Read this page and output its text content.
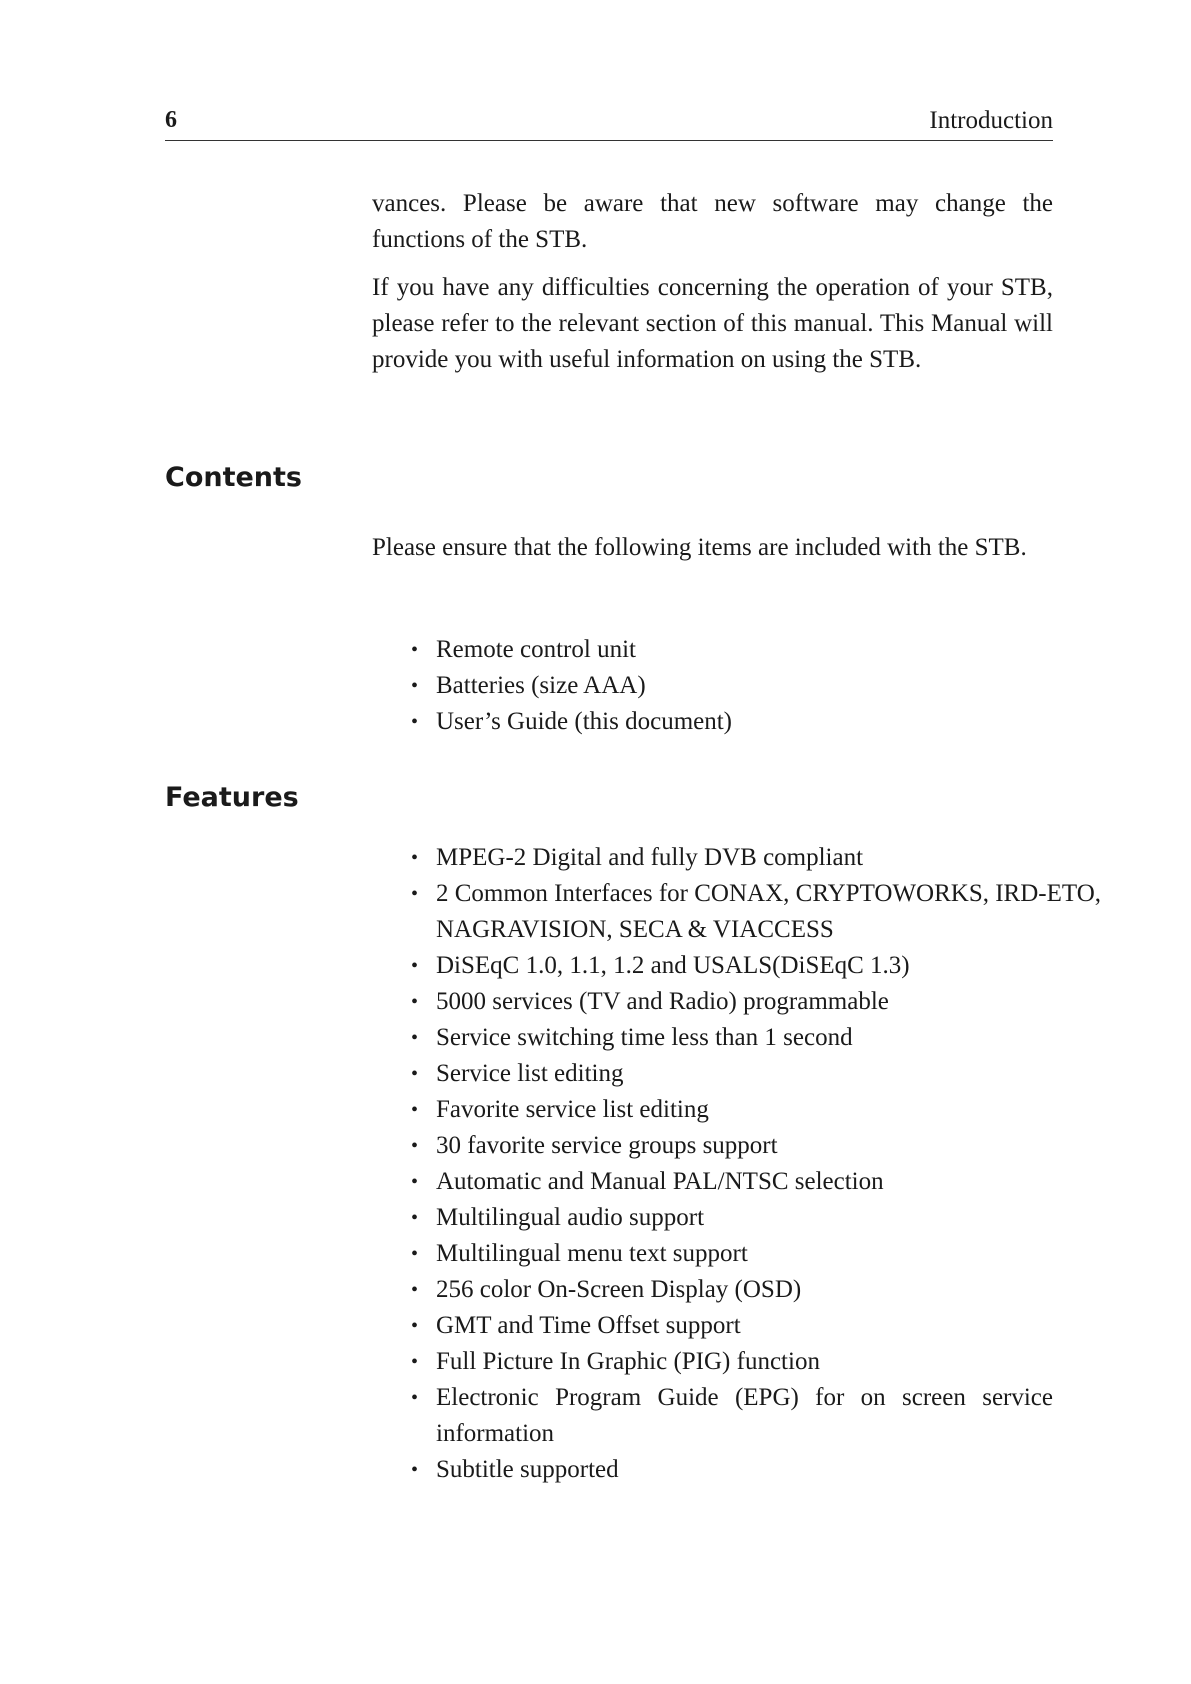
6	Introduction

vances. Please be aware that new software may change the functions of the STB.

If you have any difficulties concerning the operation of your STB, please refer to the relevant section of this manual. This Manual will provide you with useful information on using the STB.

Contents

Please ensure that the following items are included with the STB.

• Remote control unit
• Batteries (size AAA)
• User’s Guide (this document)
Features
• MPEG-2 Digital and fully DVB compliant
• 2 Common Interfaces for CONAX, CRYPTOWORKS, IRD-ETO, NAGRAVISION, SECA & VIACCESS
• DiSEqC 1.0, 1.1, 1.2 and USALS(DiSEqC 1.3)
• 5000 services (TV and Radio) programmable
• Service switching time less than 1 second
• Service list editing
• Favorite service list editing
• 30 favorite service groups support
• Automatic and Manual PAL/NTSC selection
• Multilingual audio support
• Multilingual menu text support
• 256 color On-Screen Display (OSD)
• GMT and Time Offset support
• Full Picture In Graphic (PIG) function
• Electronic Program Guide (EPG) for on screen service information
• Subtitle supported
